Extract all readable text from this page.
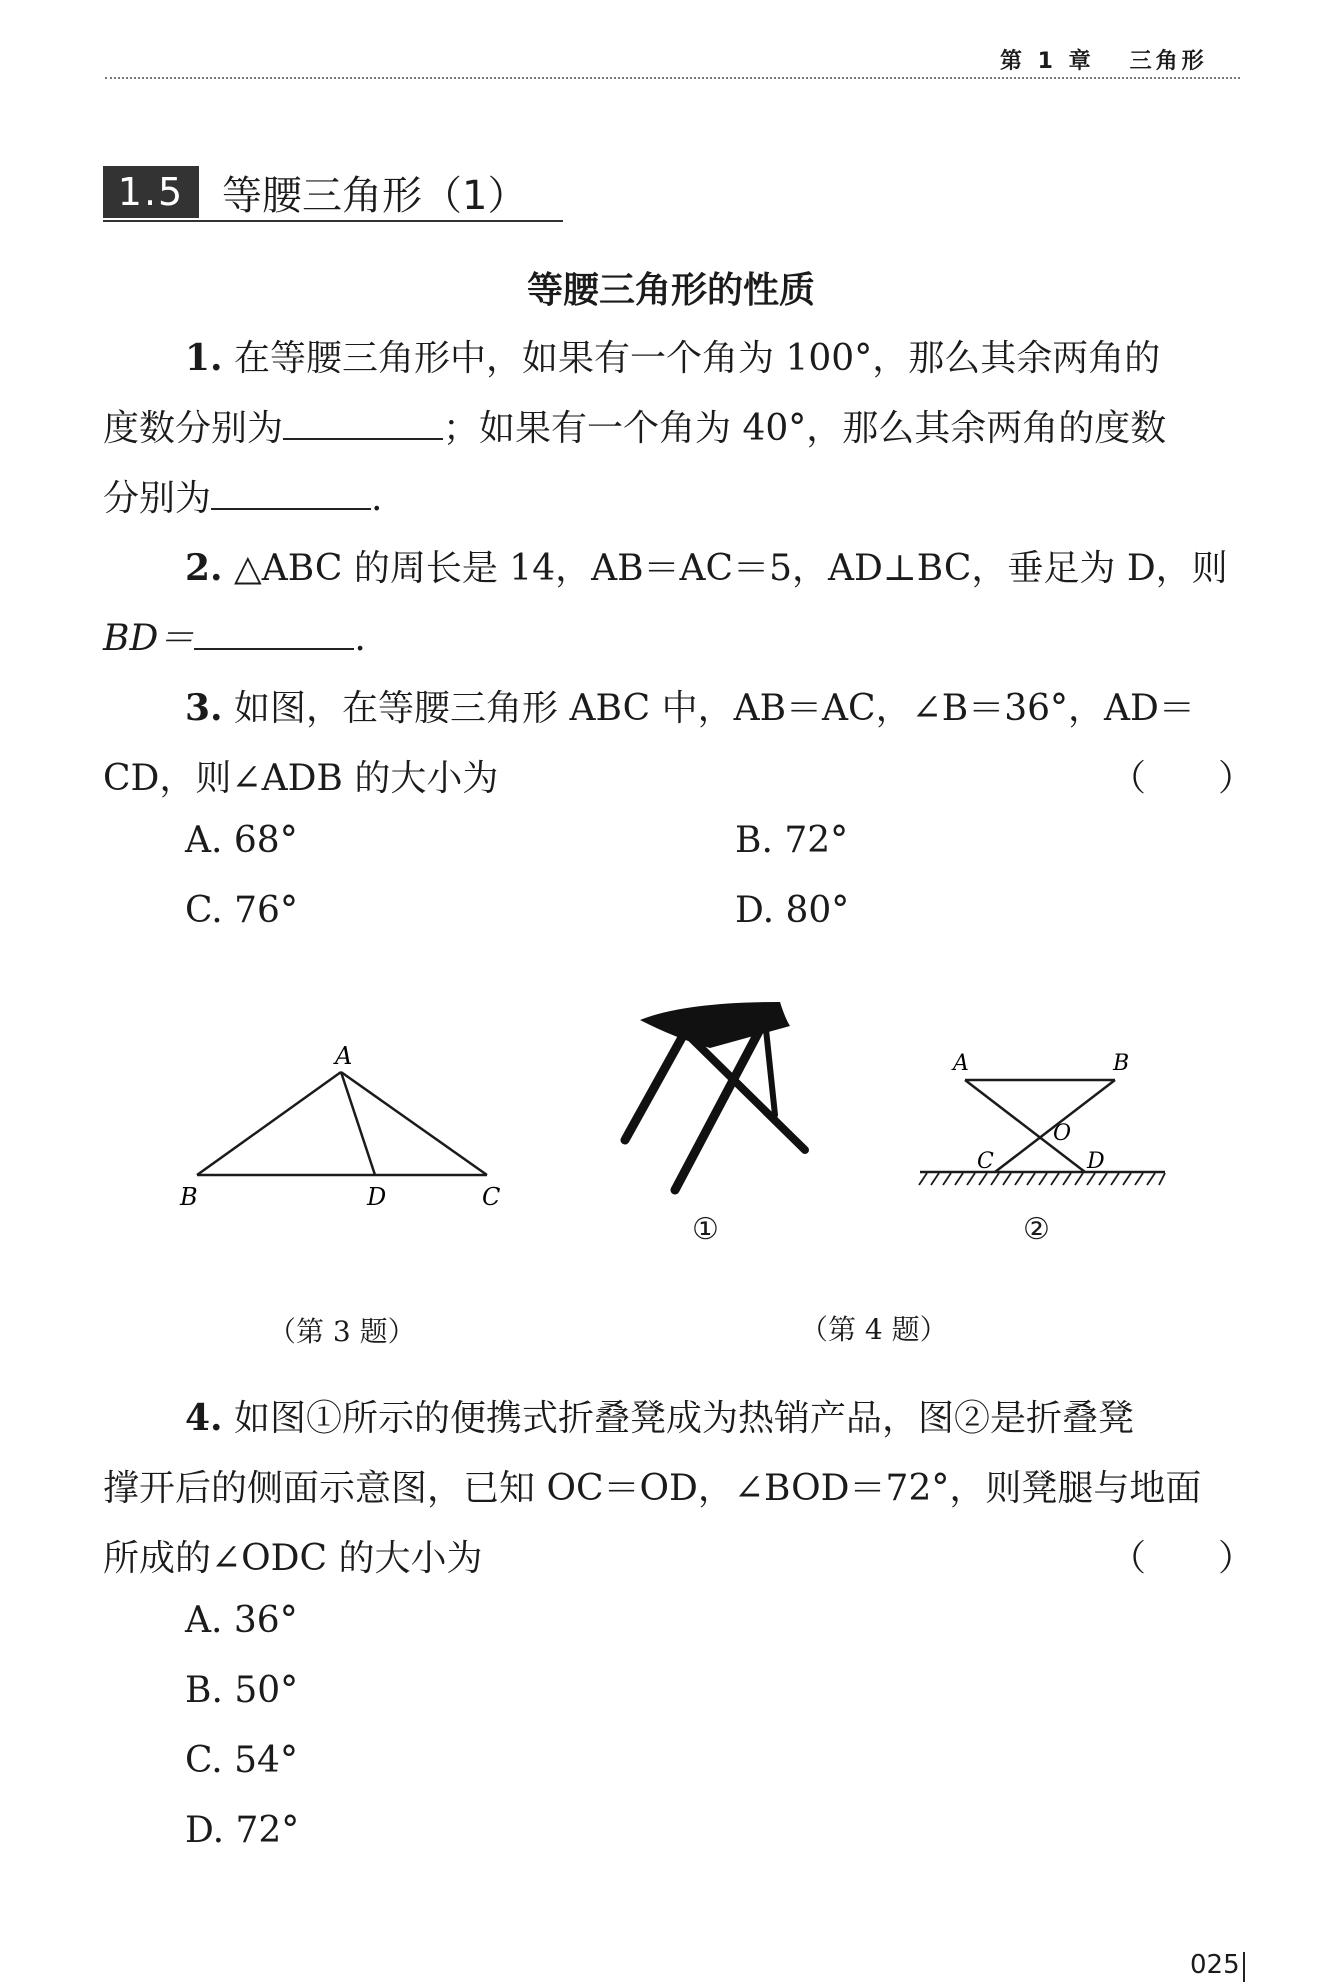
第 1 章 三角形
1.5 等腰三角形（1）
等腰三角形的性质
1. 在等腰三角形中，如果有一个角为 100°，那么其余两角的
度数分别为	；如果有一个角为 40°，那么其余两角的度数
分别为	.
2. △ABC 的周长是 14，AB＝AC＝5，AD⊥BC，垂足为 D，则
BD＝	.
3. 如图，在等腰三角形 ABC 中，AB＝AC，∠B＝36°，AD＝
CD，则∠ADB 的大小为	（　　）
A. 68°	B. 72°
C. 76°	D. 80°
A
B	D	C
（第 3 题）
①
A	B
O
C	D
②
（第 4 题）
4. 如图①所示的便携式折叠凳成为热销产品，图②是折叠凳
撑开后的侧面示意图，已知 OC＝OD，∠BOD＝72°，则凳腿与地面
所成的∠ODC 的大小为	（　　）
A. 36°
B. 50°
C. 54°
D. 72°
025
